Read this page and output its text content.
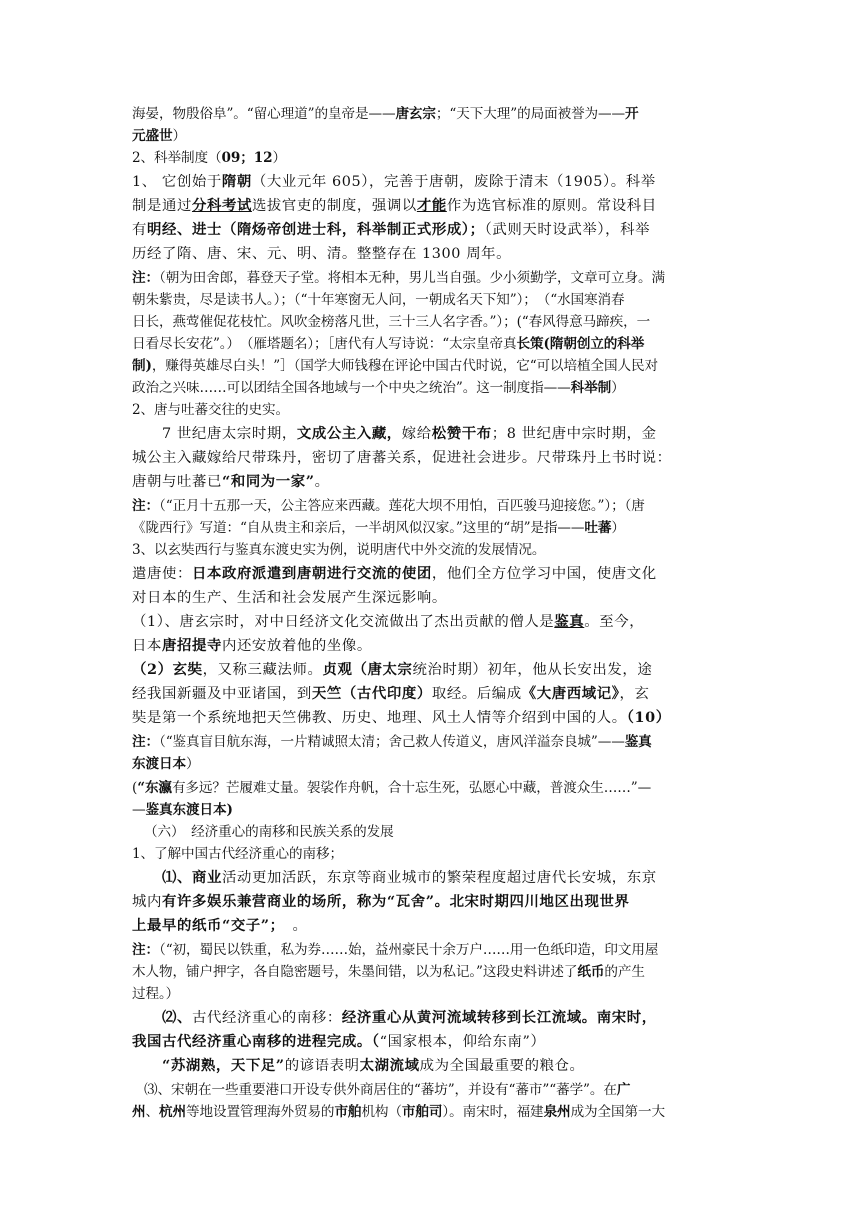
海晏，物殷俗阜”。“留心理道”的皇帝是——唐玄宗；“天下大理”的局面被誉为——开
元盛世）
2、科举制度（09；12）
1、 它创始于隋朝（大业元年 605），完善于唐朝，废除于清末（1905）。科举
制是通过分科考试选拔官吏的制度，强调以才能作为选官标准的原则。常设科目
有明经、进士（隋炀帝创进士科，科举制正式形成）；（武则天时设武举），科举
历经了隋、唐、宋、元、明、清。整整存在 1300 周年。
注：（朝为田舍郎，暮登天子堂。将相本无种，男儿当自强。少小须勤学，文章可立身。满
朝朱紫贵，尽是读书人。）；（“十年寒窗无人问，一朝成名天下知”）；　（“水国寒消春
日长，燕莺催促花枝忙。风吹金榜落凡世，三十三人名字香。”）；(“春风得意马蹄疾，一
日看尽长安花”。）　（雁塔题名）；［唐代有人写诗说：“太宗皇帝真长策(隋朝创立的科举
制)，赚得英雄尽白头！”］（国学大师钱穆在评论中国古代时说，它“可以培植全国人民对
政治之兴味……可以团结全国各地域与一个中央之统治”。这一制度指——科举制）
2、唐与吐蕃交往的史实。
7 世纪唐太宗时期，文成公主入藏，嫁给松赞干布；8 世纪唐中宗时期，金
城公主入藏嫁给尺带珠丹，密切了唐蕃关系，促进社会进步。尺带珠丹上书时说：
唐朝与吐蕃已“和同为一家”。
注：（“正月十五那一天，公主答应来西藏。莲花大坝不用怕，百匹骏马迎接您。”）；（唐
《陇西行》写道：“自从贵主和亲后，一半胡风似汉家。”这里的“胡”是指——吐蕃）
3、以玄奘西行与鉴真东渡史实为例，说明唐代中外交流的发展情况。
遣唐使：日本政府派遣到唐朝进行交流的使团，他们全方位学习中国，使唐文化
对日本的生产、生活和社会发展产生深远影响。
（1）、唐玄宗时，对中日经济文化交流做出了杰出贡献的僧人是鉴真。至今，
日本唐招提寺内还安放着他的坐像。
（2）玄奘，又称三藏法师。贞观（唐太宗统治时期）初年，他从长安出发，途
经我国新疆及中亚诸国，到天竺（古代印度）取经。后编成《大唐西域记》，玄
奘是第一个系统地把天竺佛教、历史、地理、风土人情等介绍到中国的人。（10）
注：（“鉴真盲目航东海，一片精诚照太清；舍己救人传道义，唐风洋溢奈良城”——鉴真
东渡日本）
(“东瀛有多远？芒履难丈量。袈裟作舟帆，合十忘生死，弘愿心中藏，普渡众生……”—
—鉴真东渡日本)
（六）　经济重心的南移和民族关系的发展
1、了解中国古代经济重心的南移；
⑴、商业活动更加活跃，东京等商业城市的繁荣程度超过唐代长安城，东京
城内有许多娱乐兼营商业的场所，称为“瓦舍”。北宋时期四川地区出现世界
上最早的纸币“交子”；　。
注：（“初，蜀民以铁重，私为券……始，益州豪民十余万户……用一色纸印造，印文用屋
木人物，铺户押字，各自隐密题号，朱墨间错，以为私记。”这段史料讲述了纸币的产生
过程。）
⑵、古代经济重心的南移：经济重心从黄河流域转移到长江流域。南宋时，
我国古代经济重心南移的进程完成。（“国家根本，仰给东南”）
“苏湖熟，天下足”的谚语表明太湖流域成为全国最重要的粮仓。
⑶、宋朝在一些重要港口开设专供外商居住的“蕃坊”，并设有“蕃市”“蕃学”。在广
州、杭州等地设置管理海外贸易的市舶机构（市舶司）。南宋时，福建泉州成为全国第一大
